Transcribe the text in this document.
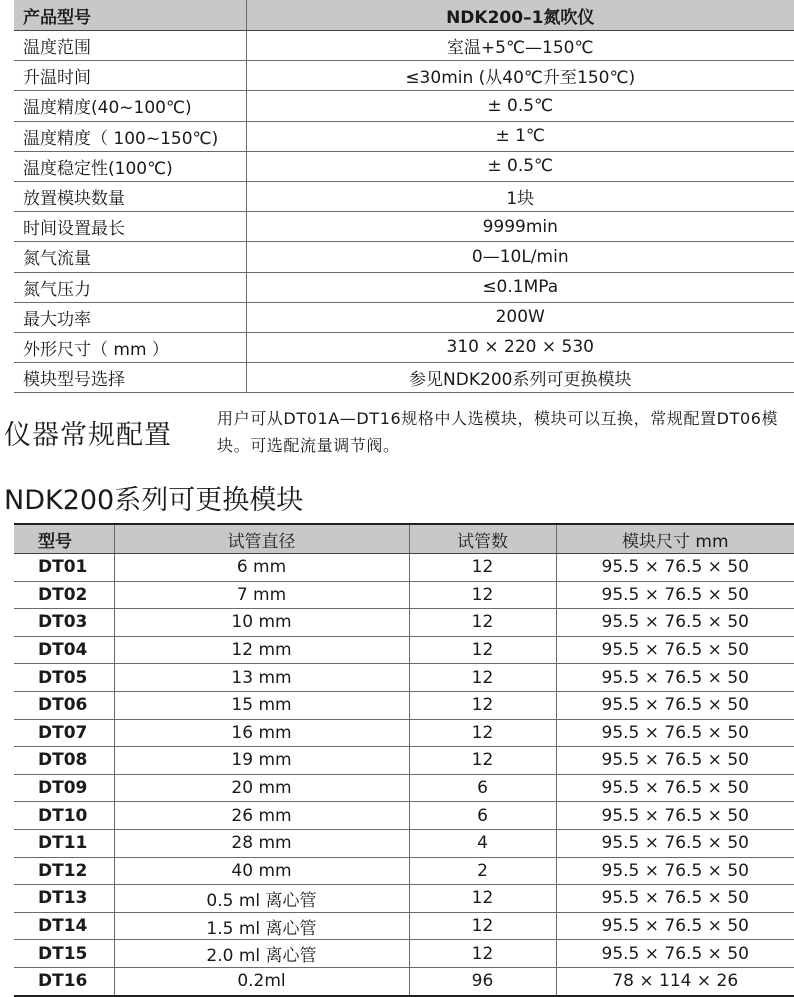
产品型号	NDK200–1氮吹仪
温度范围	室温+5℃—150℃
升温时间	≤30min (从40℃升至150℃)
温度精度(40~100℃)	± 0.5℃
温度精度（ 100~150℃)	± 1℃
温度稳定性(100℃)	± 0.5℃
放置模块数量	1块
时间设置最长	9999min
氮气流量	0—10L/min
氮气压力	≤0.1MPa
最大功率	200W
外形尺寸（ mm ）	310 × 220 × 530
模块型号选择	参见NDK200系列可更换模块
仪器常规配置
用户可从DT01A—DT16规格中人选模块，模块可以互换，常规配置DT06模块。可选配流量调节阀。
NDK200系列可更换模块
型号	试管直径	试管数	模块尺寸 mm
DT01	6 mm	12	95.5 × 76.5 × 50
DT02	7 mm	12	95.5 × 76.5 × 50
DT03	10 mm	12	95.5 × 76.5 × 50
DT04	12 mm	12	95.5 × 76.5 × 50
DT05	13 mm	12	95.5 × 76.5 × 50
DT06	15 mm	12	95.5 × 76.5 × 50
DT07	16 mm	12	95.5 × 76.5 × 50
DT08	19 mm	12	95.5 × 76.5 × 50
DT09	20 mm	6	95.5 × 76.5 × 50
DT10	26 mm	6	95.5 × 76.5 × 50
DT11	28 mm	4	95.5 × 76.5 × 50
DT12	40 mm	2	95.5 × 76.5 × 50
DT13	0.5 ml 离心管	12	95.5 × 76.5 × 50
DT14	1.5 ml 离心管	12	95.5 × 76.5 × 50
DT15	2.0 ml 离心管	12	95.5 × 76.5 × 50
DT16	0.2ml	96	78 × 114 × 26
